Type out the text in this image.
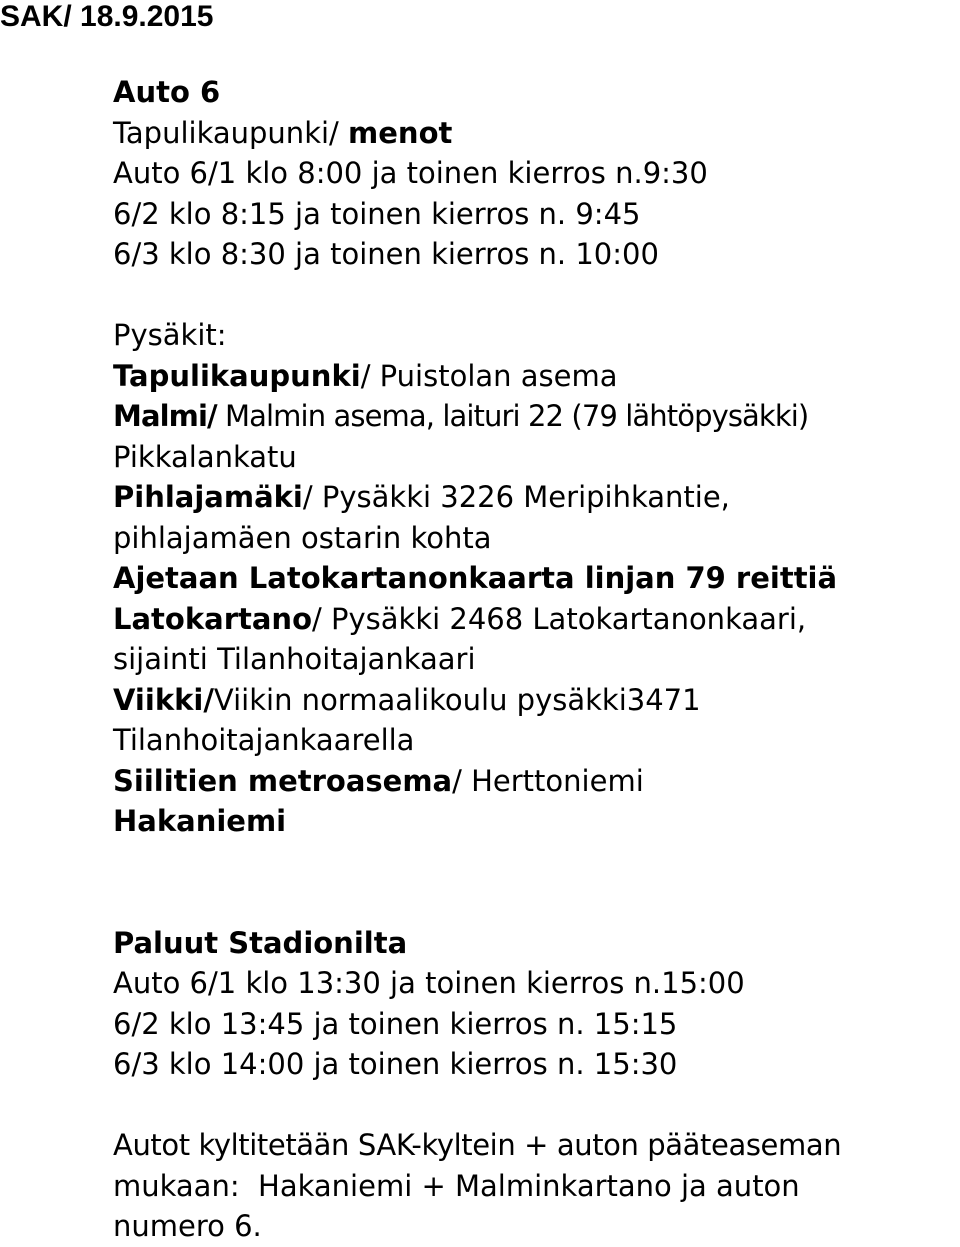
SAK/ 18.9.2015
Auto 6
Tapulikaupunki/ menot
Auto 6/1 klo 8:00 ja toinen kierros n.9:30
6/2 klo 8:15 ja toinen kierros n. 9:45
6/3 klo 8:30 ja toinen kierros n. 10:00
Pysäkit:
Tapulikaupunki/ Puistolan asema
Malmi/ Malmin asema, laituri 22 (79 lähtöpysäkki)
Pikkalankatu
Pihlajamäki/ Pysäkki 3226 Meripihkantie,
pihlajamäen ostarin kohta
Ajetaan Latokartanonkaarta linjan 79 reittiä
Latokartano/ Pysäkki 2468 Latokartanonkaari,
sijainti Tilanhoitajankaari
Viikki/Viikin normaalikoulu pysäkki3471
Tilanhoitajankaarella
Siilitien metroasema/ Herttoniemi
Hakaniemi
Paluut Stadionilta
Auto 6/1 klo 13:30 ja toinen kierros n.15:00
6/2 klo 13:45 ja toinen kierros n. 15:15
6/3 klo 14:00 ja toinen kierros n. 15:30
Autot kyltitetään SAK-kyltein + auton pääteaseman
mukaan:  Hakaniemi + Malminkartano ja auton
numero 6.
